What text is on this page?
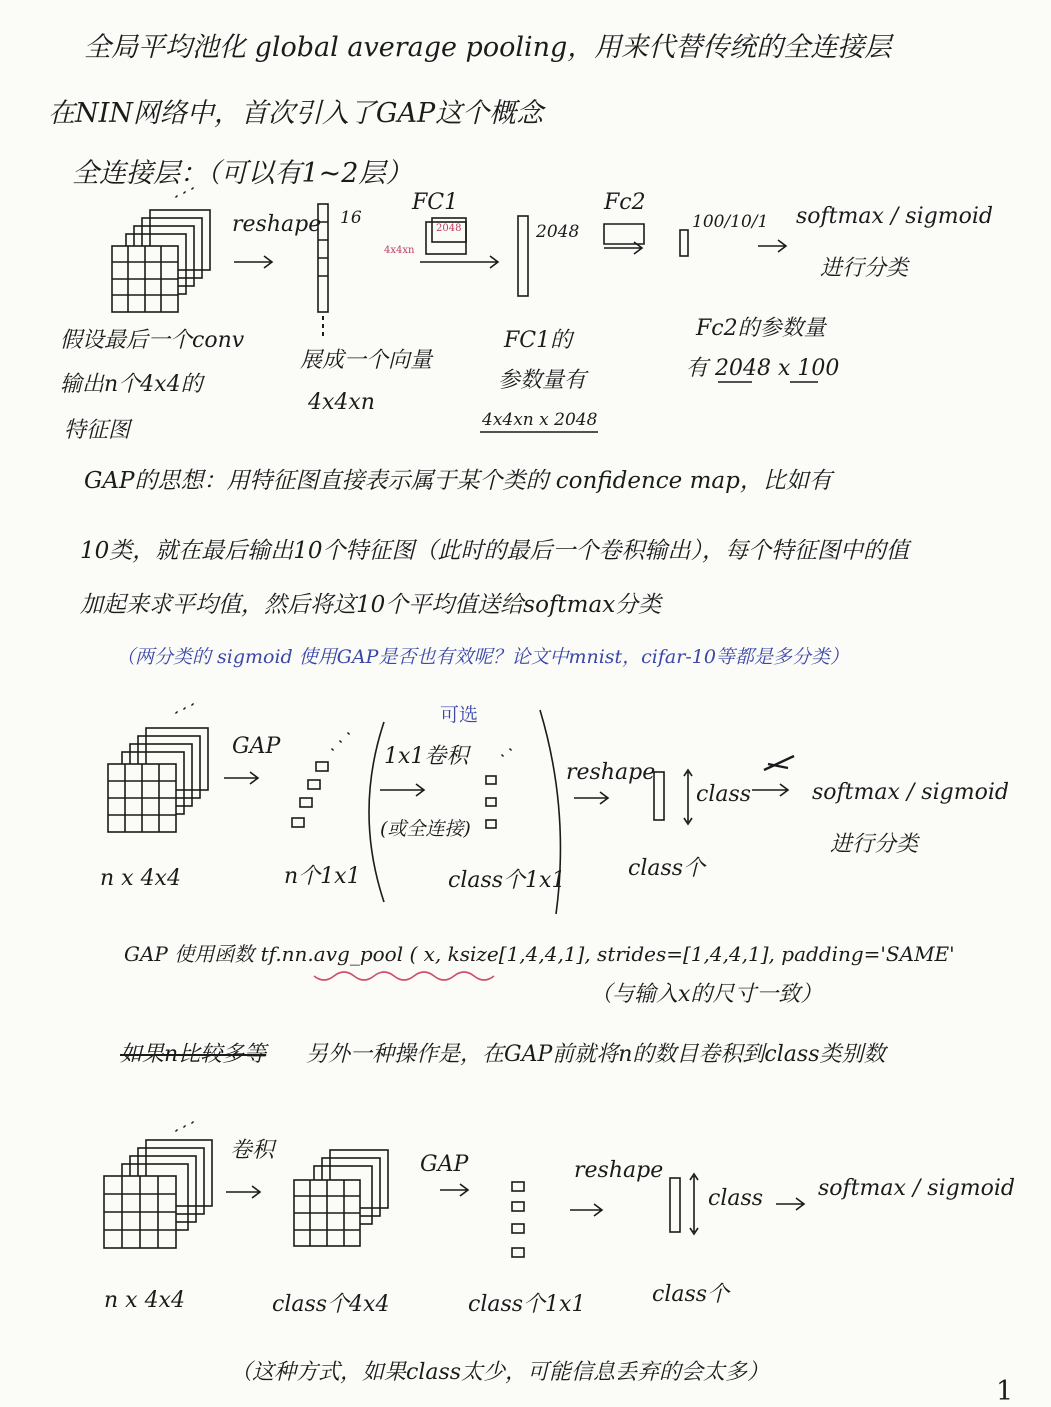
全局平均池化 global average pooling，用来代替传统的全连接层
在NIN网络中，首次引入了GAP这个概念
全连接层：（可以有1~2层）
reshape 16
FC1
4x4xn
2048	2048
Fc2
100/10/1 softmax / sigmoid
进行分类
假设最后一个conv
输出n个4x4的
特征图
展成一个向量
4x4xn
FC1的
参数量有
4x4xn x 2048
Fc2的参数量
有 2048 x 100
GAP的思想：用特征图直接表示属于某个类的 confidence map，比如有
10类，就在最后输出10个特征图（此时的最后一个卷积输出），每个特征图中的值
加起来求平均值，然后将这10个平均值送给softmax分类
（两分类的 sigmoid 使用GAP是否也有效呢？论文中mnist，cifar-10等都是多分类）
GAP
可选
1x1卷积
(或全连接)
reshape
class	softmax / sigmoid
进行分类
n x 4x4	n个1x1	class个1x1	class个
GAP 使用函数 tf.nn.avg_pool ( x, ksize[1,4,4,1], strides=[1,4,4,1], padding='SAME'
（与输入x的尺寸一致）
如果n比较多等 另外一种操作是，在GAP前就将n的数目卷积到class类别数
卷积
GAP	reshape
class softmax / sigmoid
n x 4x4	class个4x4	class个1x1	class个
（这种方式，如果class太少，可能信息丢弃的会太多）
1
